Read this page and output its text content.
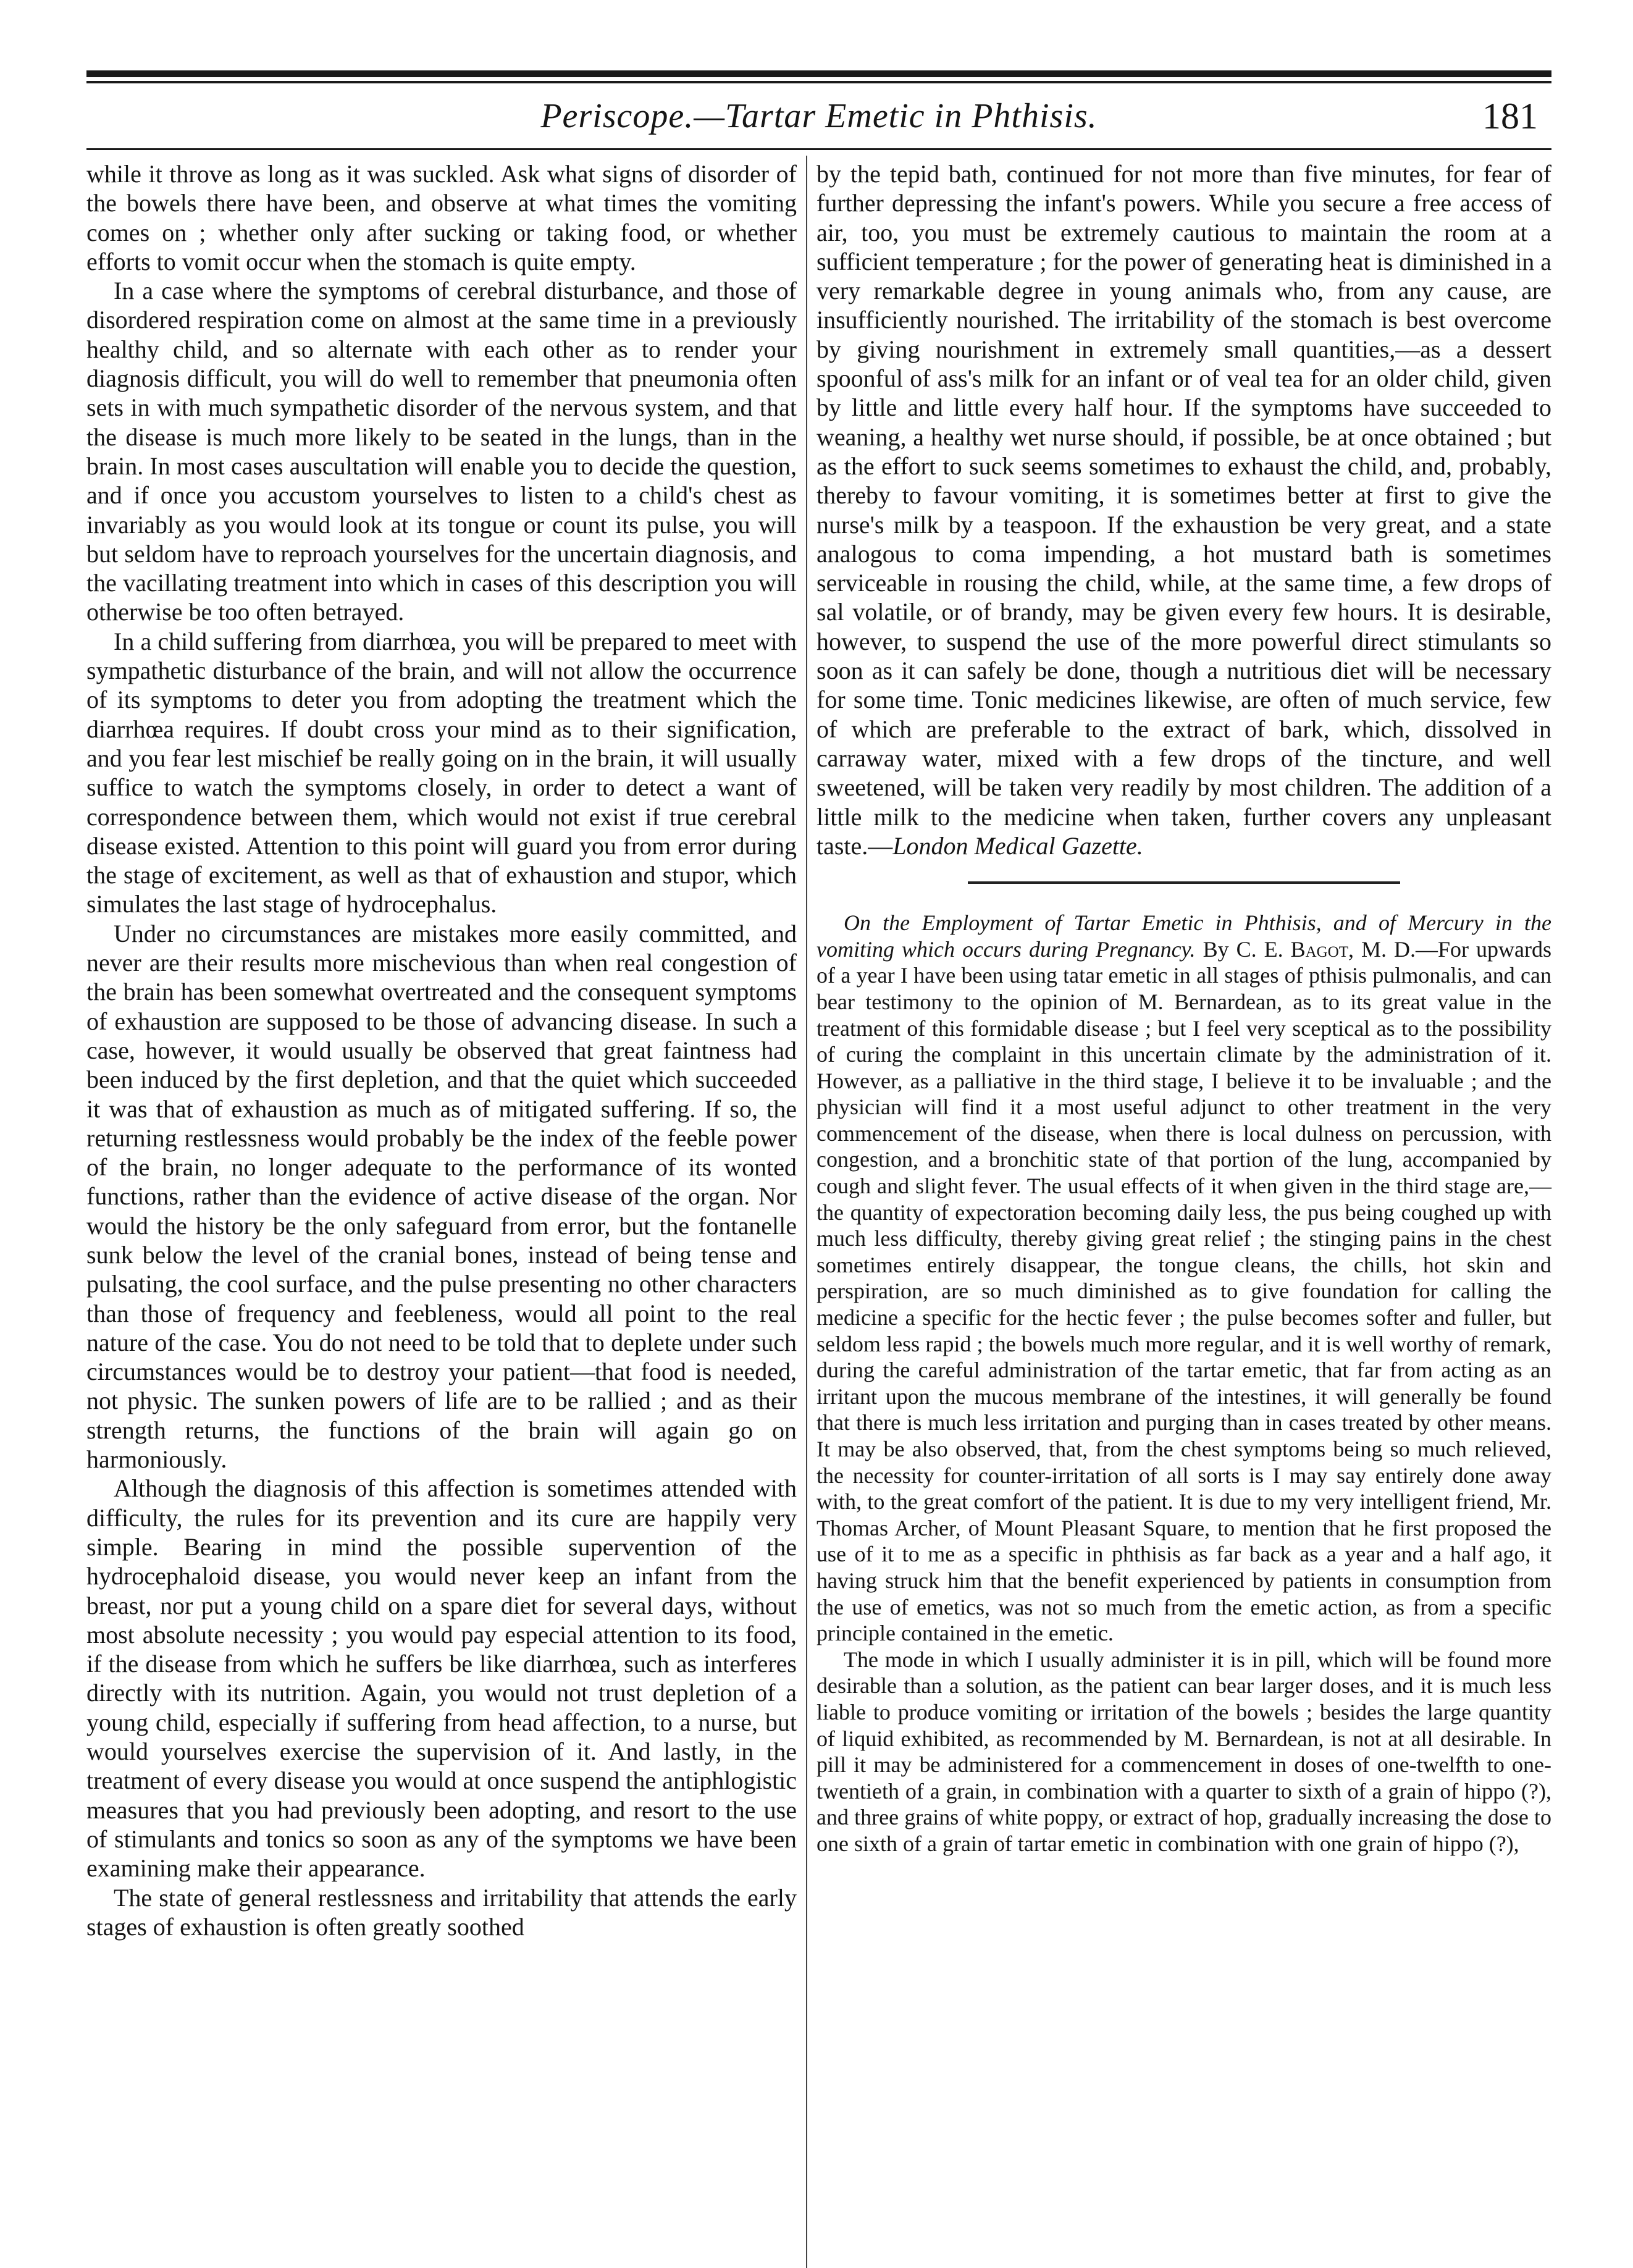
Periscope.—Tartar Emetic in Phthisis.	181

while it throve as long as it was suckled. Ask what signs of disorder of the bowels there have been, and observe at what times the vomiting comes on ; whether only after sucking or taking food, or whether efforts to vomit occur when the stomach is quite empty.

In a case where the symptoms of cerebral disturbance, and those of disordered respiration come on almost at the same time in a previously healthy child, and so alternate with each other as to render your diagnosis difficult, you will do well to remember that pneumonia often sets in with much sympathetic disorder of the nervous system, and that the disease is much more likely to be seated in the lungs, than in the brain. In most cases auscultation will enable you to decide the question, and if once you accustom yourselves to listen to a child's chest as invariably as you would look at its tongue or count its pulse, you will but seldom have to reproach yourselves for the uncertain diagnosis, and the vacillating treatment into which in cases of this description you will otherwise be too often betrayed.

In a child suffering from diarrhœa, you will be prepared to meet with sympathetic disturbance of the brain, and will not allow the occurrence of its symptoms to deter you from adopting the treatment which the diarrhœa requires. If doubt cross your mind as to their signification, and you fear lest mischief be really going on in the brain, it will usually suffice to watch the symptoms closely, in order to detect a want of correspondence between them, which would not exist if true cerebral disease existed. Attention to this point will guard you from error during the stage of excitement, as well as that of exhaustion and stupor, which simulates the last stage of hydrocephalus.

Under no circumstances are mistakes more easily committed, and never are their results more mischevious than when real congestion of the brain has been somewhat overtreated and the consequent symptoms of exhaustion are supposed to be those of advancing disease. In such a case, however, it would usually be observed that great faintness had been induced by the first depletion, and that the quiet which succeeded it was that of exhaustion as much as of mitigated suffering. If so, the returning restlessness would probably be the index of the feeble power of the brain, no longer adequate to the performance of its wonted functions, rather than the evidence of active disease of the organ. Nor would the history be the only safeguard from error, but the fontanelle sunk below the level of the cranial bones, instead of being tense and pulsating, the cool surface, and the pulse presenting no other characters than those of frequency and feebleness, would all point to the real nature of the case. You do not need to be told that to deplete under such circumstances would be to destroy your patient—that food is needed, not physic. The sunken powers of life are to be rallied ; and as their strength returns, the functions of the brain will again go on harmoniously.

Although the diagnosis of this affection is sometimes attended with difficulty, the rules for its prevention and its cure are happily very simple. Bearing in mind the possible supervention of the hydrocephaloid disease, you would never keep an infant from the breast, nor put a young child on a spare diet for several days, without most absolute necessity ; you would pay especial attention to its food, if the disease from which he suffers be like diarrhœa, such as interferes directly with its nutrition. Again, you would not trust depletion of a young child, especially if suffering from head affection, to a nurse, but would yourselves exercise the supervision of it. And lastly, in the treatment of every disease you would at once suspend the antiphlogistic measures that you had previously been adopting, and resort to the use of stimulants and tonics so soon as any of the symptoms we have been examining make their appearance.

The state of general restlessness and irritability that attends the early stages of exhaustion is often greatly soothed

by the tepid bath, continued for not more than five minutes, for fear of further depressing the infant's powers. While you secure a free access of air, too, you must be extremely cautious to maintain the room at a sufficient temperature ; for the power of generating heat is diminished in a very remarkable degree in young animals who, from any cause, are insufficiently nourished. The irritability of the stomach is best overcome by giving nourishment in extremely small quantities,—as a dessert spoonful of ass's milk for an infant or of veal tea for an older child, given by little and little every half hour. If the symptoms have succeeded to weaning, a healthy wet nurse should, if possible, be at once obtained ; but as the effort to suck seems sometimes to exhaust the child, and, probably, thereby to favour vomiting, it is sometimes better at first to give the nurse's milk by a teaspoon. If the exhaustion be very great, and a state analogous to coma impending, a hot mustard bath is sometimes serviceable in rousing the child, while, at the same time, a few drops of sal volatile, or of brandy, may be given every few hours. It is desirable, however, to suspend the use of the more powerful direct stimulants so soon as it can safely be done, though a nutritious diet will be necessary for some time. Tonic medicines likewise, are often of much service, few of which are preferable to the extract of bark, which, dissolved in carraway water, mixed with a few drops of the tincture, and well sweetened, will be taken very readily by most children. The addition of a little milk to the medicine when taken, further covers any unpleasant taste.—London Medical Gazette.

On the Employment of Tartar Emetic in Phthisis, and of Mercury in the vomiting which occurs during Pregnancy. By C. E. Bagot, M. D.—For upwards of a year I have been using tatar emetic in all stages of pthisis pulmonalis, and can bear testimony to the opinion of M. Bernardean, as to its great value in the treatment of this formidable disease ; but I feel very sceptical as to the possibility of curing the complaint in this uncertain climate by the administration of it. However, as a palliative in the third stage, I believe it to be invaluable ; and the physician will find it a most useful adjunct to other treatment in the very commencement of the disease, when there is local dulness on percussion, with congestion, and a bronchitic state of that portion of the lung, accompanied by cough and slight fever. The usual effects of it when given in the third stage are,—the quantity of expectoration becoming daily less, the pus being coughed up with much less difficulty, thereby giving great relief ; the stinging pains in the chest sometimes entirely disappear, the tongue cleans, the chills, hot skin and perspiration, are so much diminished as to give foundation for calling the medicine a specific for the hectic fever ; the pulse becomes softer and fuller, but seldom less rapid ; the bowels much more regular, and it is well worthy of remark, during the careful administration of the tartar emetic, that far from acting as an irritant upon the mucous membrane of the intestines, it will generally be found that there is much less irritation and purging than in cases treated by other means. It may be also observed, that, from the chest symptoms being so much relieved, the necessity for counter-irritation of all sorts is I may say entirely done away with, to the great comfort of the patient. It is due to my very intelligent friend, Mr. Thomas Archer, of Mount Pleasant Square, to mention that he first proposed the use of it to me as a specific in phthisis as far back as a year and a half ago, it having struck him that the benefit experienced by patients in consumption from the use of emetics, was not so much from the emetic action, as from a specific principle contained in the emetic.

The mode in which I usually administer it is in pill, which will be found more desirable than a solution, as the patient can bear larger doses, and it is much less liable to produce vomiting or irritation of the bowels ; besides the large quantity of liquid exhibited, as recommended by M. Bernardean, is not at all desirable. In pill it may be administered for a commencement in doses of one-twelfth to one-twentieth of a grain, in combination with a quarter to sixth of a grain of hippo (?), and three grains of white poppy, or extract of hop, gradually increasing the dose to one sixth of a grain of tartar emetic in combination with one grain of hippo (?),
